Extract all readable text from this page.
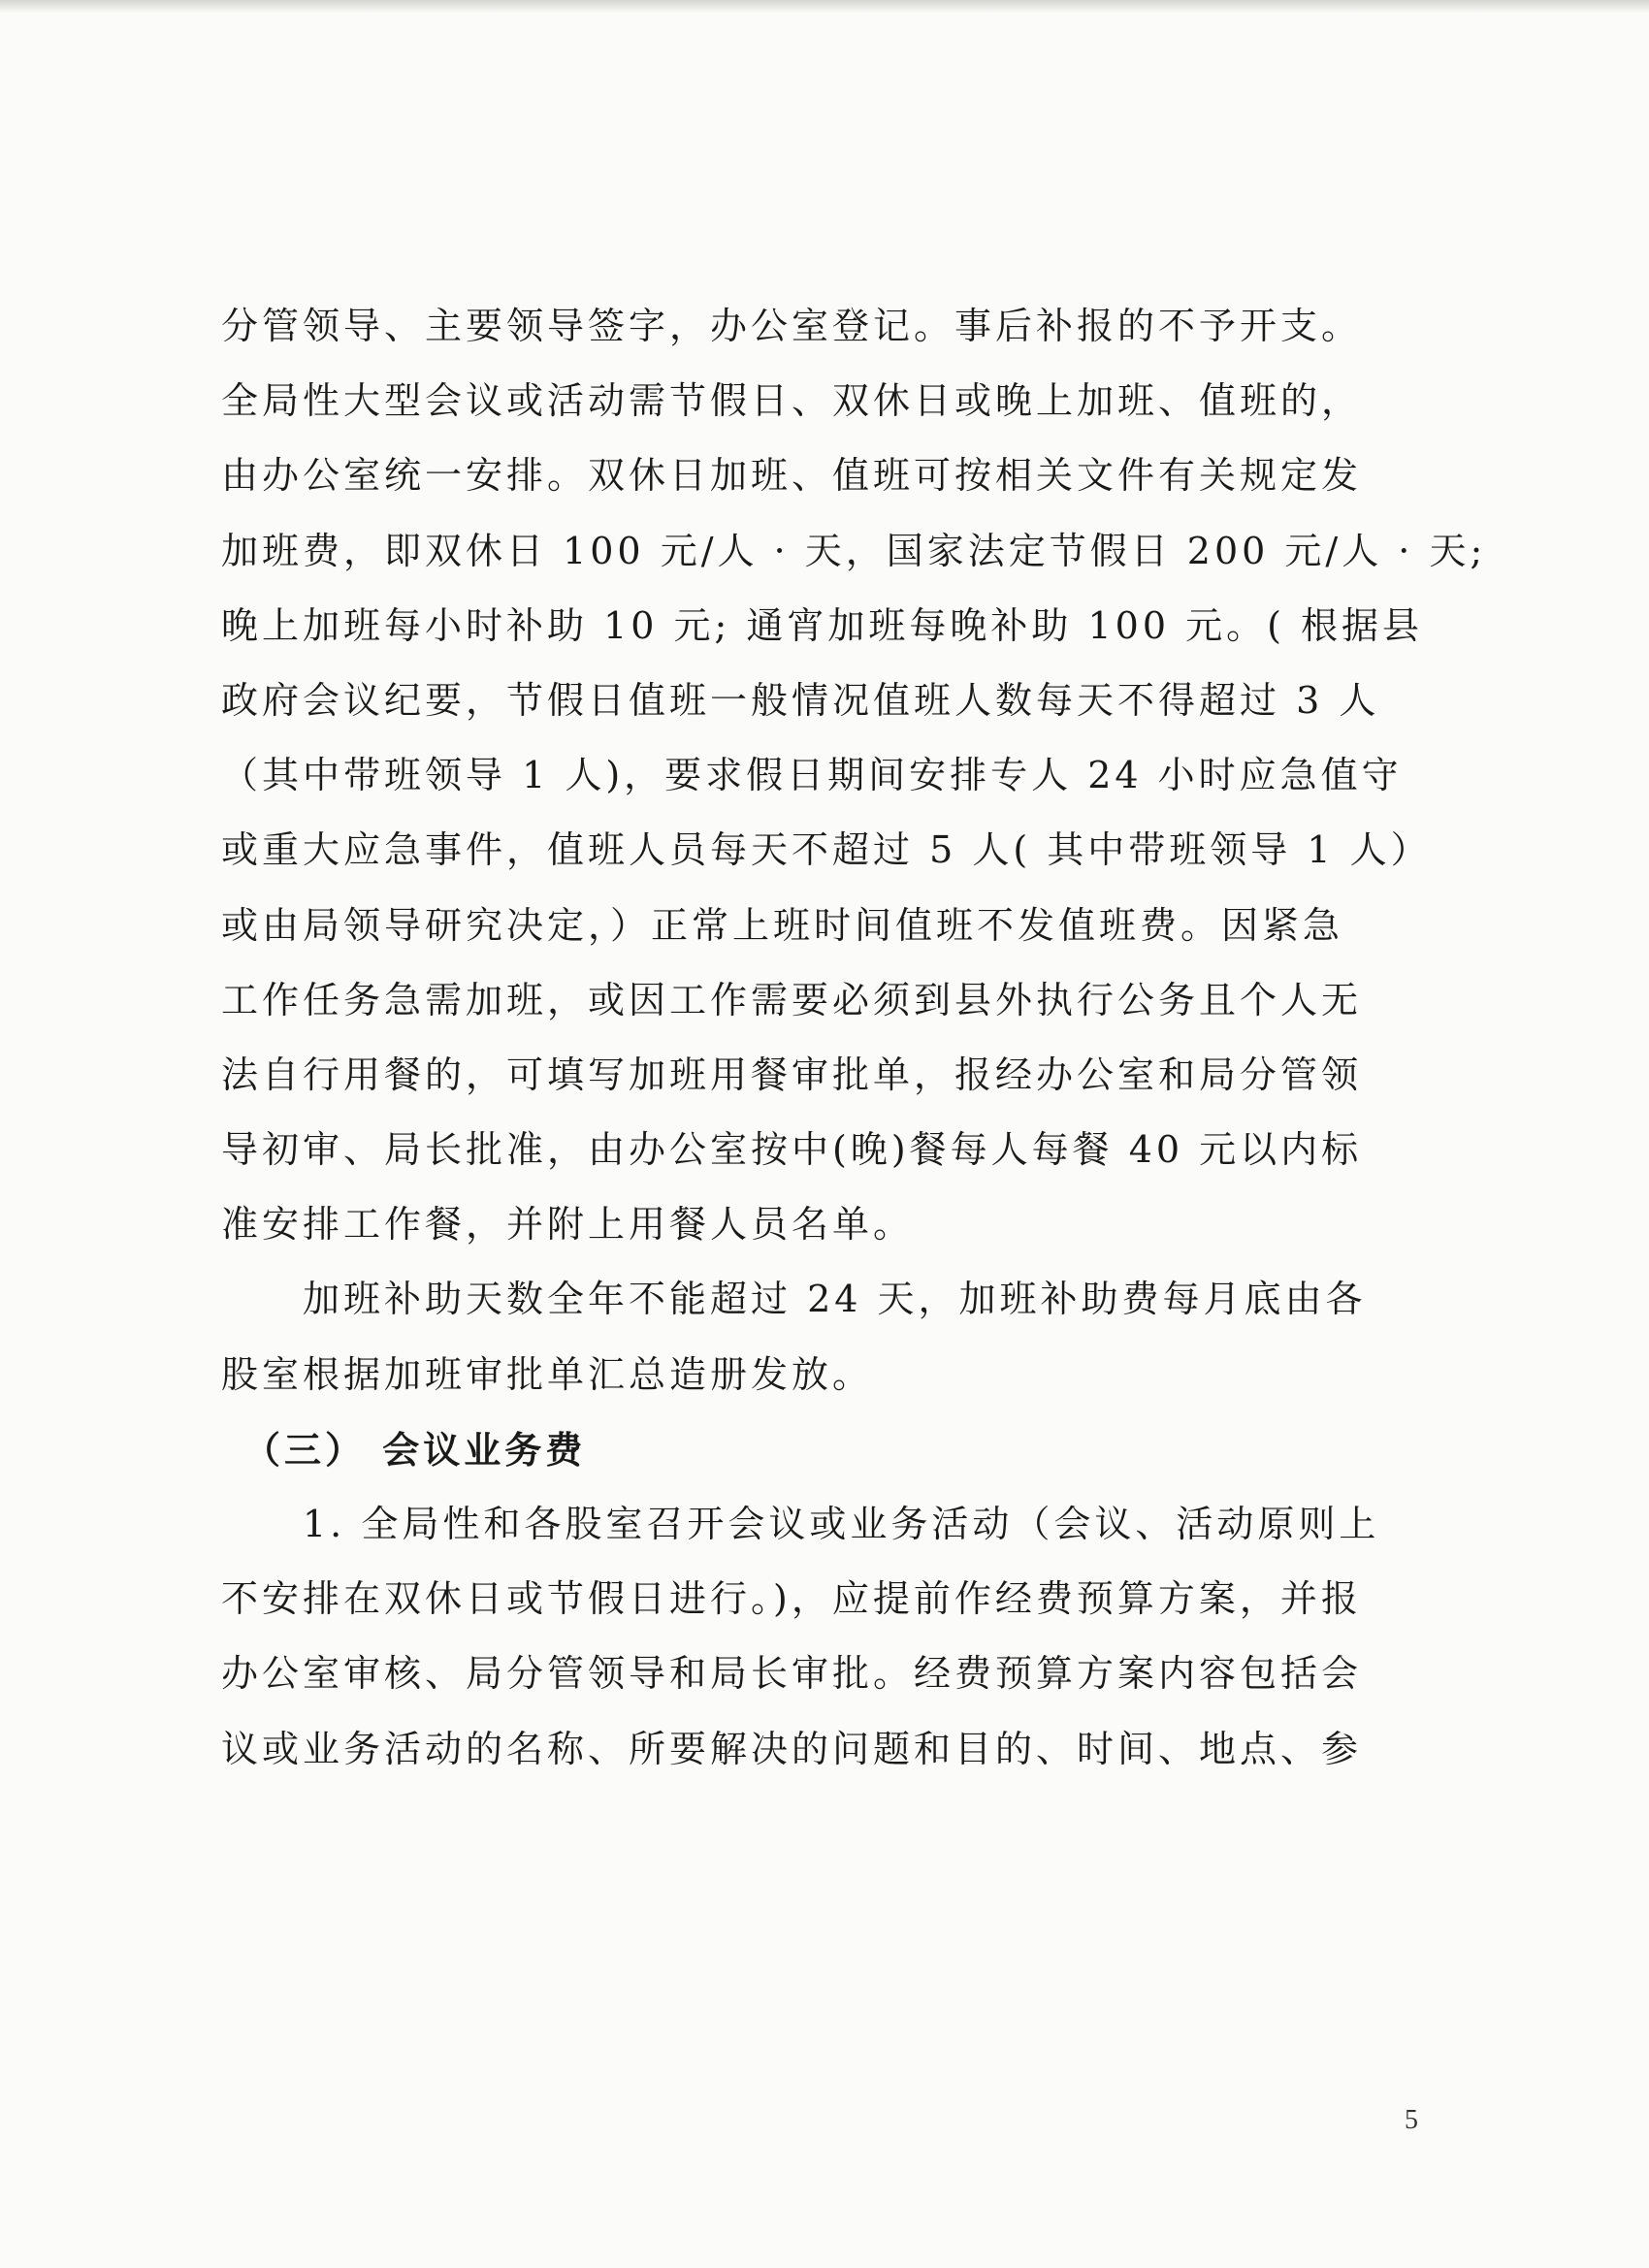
分管领导、主要领导签字，办公室登记。事后补报的不予开支。
全局性大型会议或活动需节假日、双休日或晚上加班、值班的，
由办公室统一安排。双休日加班、值班可按相关文件有关规定发
加班费，即双休日 100 元/人 · 天，国家法定节假日 200 元/人 · 天;
晚上加班每小时补助 10 元; 通宵加班每晚补助 100 元。( 根据县
政府会议纪要，节假日值班一般情况值班人数每天不得超过 3 人
（其中带班领导 1 人)，要求假日期间安排专人 24 小时应急值守
或重大应急事件，值班人员每天不超过 5 人( 其中带班领导 1 人）
或由局领导研究决定，）正常上班时间值班不发值班费。因紧急
工作任务急需加班，或因工作需要必须到县外执行公务且个人无
法自行用餐的，可填写加班用餐审批单，报经办公室和局分管领
导初审、局长批准，由办公室按中(晚)餐每人每餐 40 元以内标
准安排工作餐，并附上用餐人员名单。
　　加班补助天数全年不能超过 24 天，加班补助费每月底由各
股室根据加班审批单汇总造册发放。
　（三） 会议业务费
　　1. 全局性和各股室召开会议或业务活动（会议、活动原则上
不安排在双休日或节假日进行。)，应提前作经费预算方案，并报
办公室审核、局分管领导和局长审批。经费预算方案内容包括会
议或业务活动的名称、所要解决的问题和目的、时间、地点、参
5
